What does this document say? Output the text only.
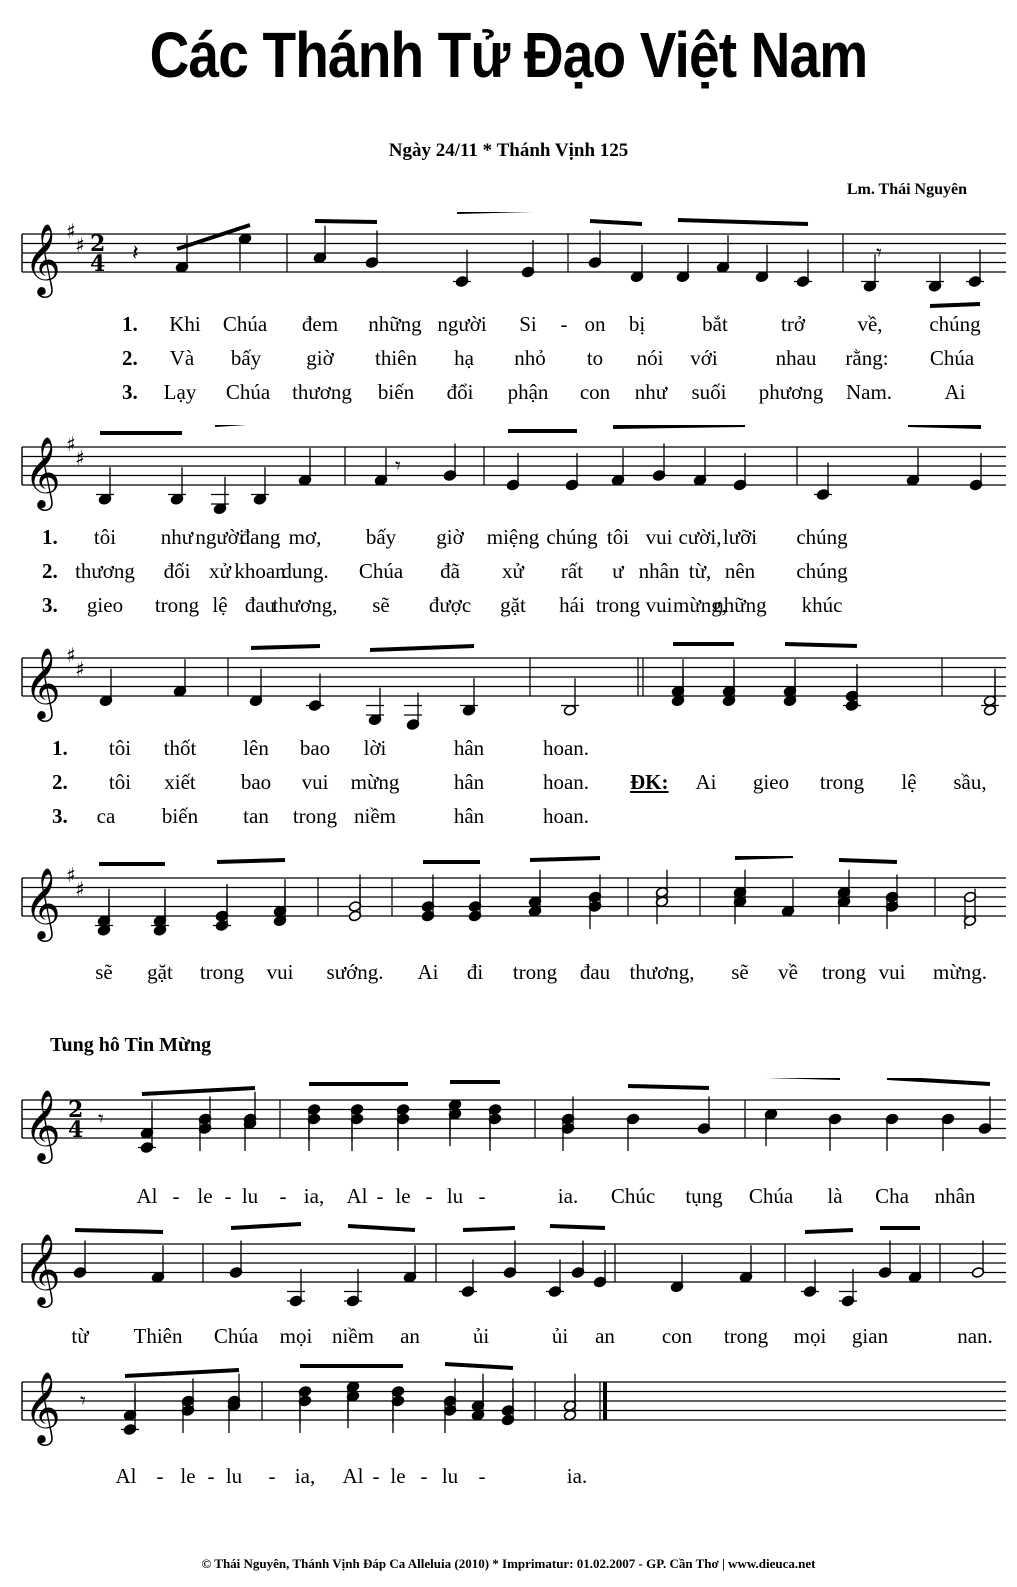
Các Thánh Tử Đạo Việt Nam
Ngày 24/11 * Thánh Vịnh 125
Lm. Thái Nguyên
𝄞 ♯
♯ 2
4 𝄽	𝄾
1. Khi Chúa đem những người Si - on bị	bắt	trở về, chúng
2. Và bấy giờ thiên hạ nhỏ to nói với	nhau rằng: Chúa
3. Lạy Chúa thương biến đổi phận con như suối phương Nam. Ai
𝄞 ♯
♯	𝄾
1. tôi như người
đang mơ, bấy giờ miệng chúng tôi vui cười, lưỡi chúng
2. thương đối xử khoan
dung. Chúa đã xử rất ư nhân từ, nên chúng
3. gieo trong lệ đau
thương, sẽ được gặt hái trong vui mừng,
những khúc
𝄞 ♯
♯
1. tôi thốt lên bao lời	hân	hoan.
2. tôi xiết bao vui mừng	hân	hoan.	Ai gieo trong lệ sầu,
ĐK:
3. ca biến tan trong niềm	hân	hoan.
𝄞 ♯
♯
sẽ gặt trong vui sướng. Ai đi trong đau thương, sẽ về trong vui mừng.
Tung hô Tin Mừng
𝄞 2
4 𝄾
Al - le - lu - ia, Al - le - lu -	ia. Chúc tụng Chúa là Cha nhân
𝄞
từ Thiên Chúa mọi niềm an	ủi	ủi an con trong mọi gian	nan.
𝄞 𝄾
Al - le - lu - ia, Al - le - lu -	ia.
© Thái Nguyên, Thánh Vịnh Đáp Ca Alleluia (2010) * Imprimatur: 01.02.2007 - GP. Cần Thơ | www.dieuca.net
